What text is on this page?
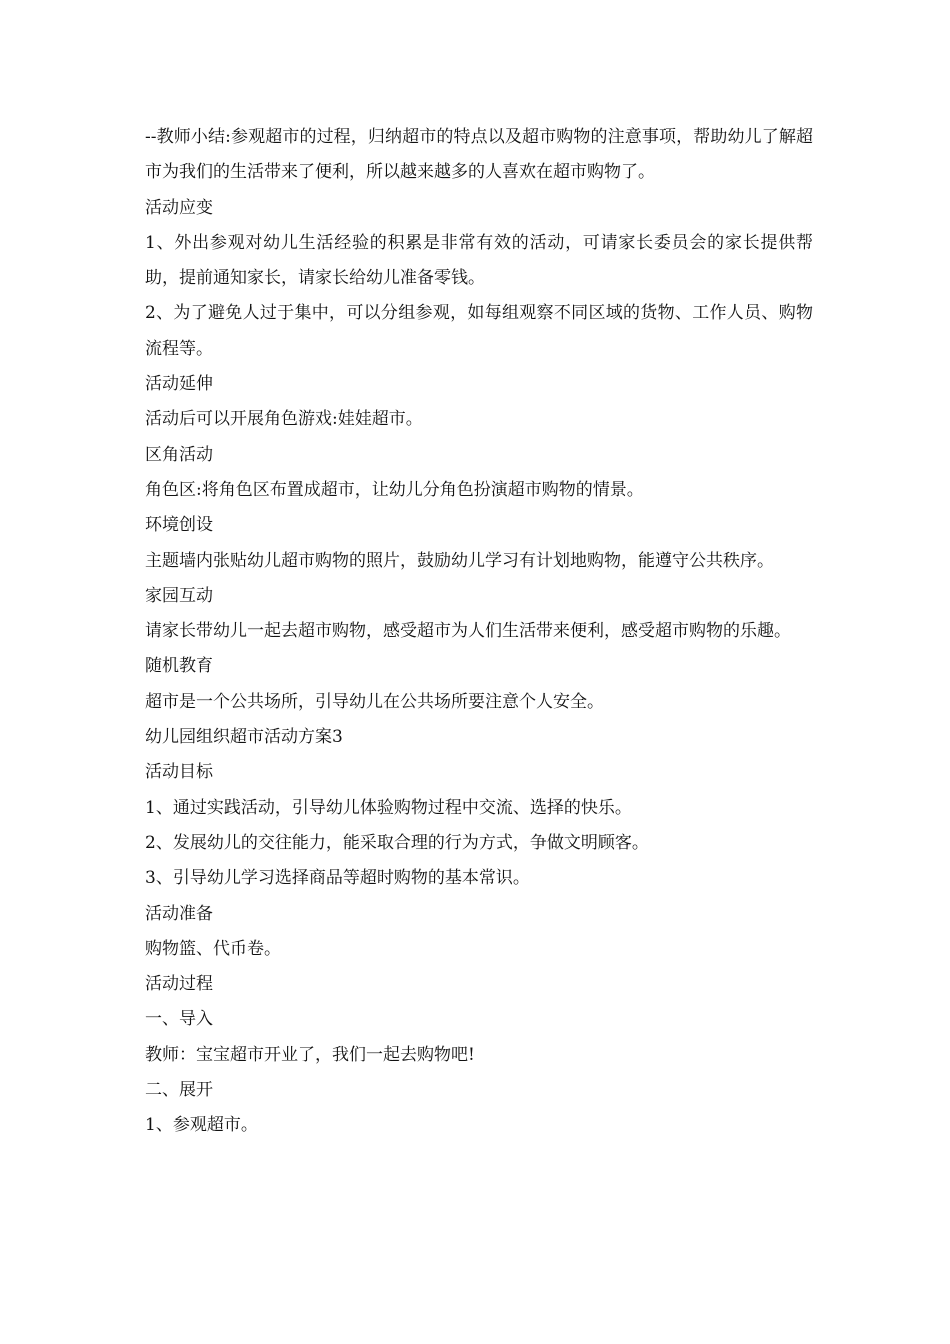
--教师小结:参观超市的过程，归纳超市的特点以及超市购物的注意事项，帮助幼儿了解超市为我们的生活带来了便利，所以越来越多的人喜欢在超市购物了。

活动应变

1、外出参观对幼儿生活经验的积累是非常有效的活动，可请家长委员会的家长提供帮助，提前通知家长，请家长给幼儿准备零钱。

2、为了避免人过于集中，可以分组参观，如每组观察不同区域的货物、工作人员、购物流程等。

活动延伸

活动后可以开展角色游戏:娃娃超市。

区角活动

角色区:将角色区布置成超市，让幼儿分角色扮演超市购物的情景。

环境创设

主题墙内张贴幼儿超市购物的照片，鼓励幼儿学习有计划地购物，能遵守公共秩序。

家园互动

请家长带幼儿一起去超市购物，感受超市为人们生活带来便利，感受超市购物的乐趣。

随机教育

超市是一个公共场所，引导幼儿在公共场所要注意个人安全。

幼儿园组织超市活动方案3

活动目标

1、通过实践活动，引导幼儿体验购物过程中交流、选择的快乐。

2、发展幼儿的交往能力，能采取合理的行为方式，争做文明顾客。

3、引导幼儿学习选择商品等超时购物的基本常识。

活动准备

购物篮、代币卷。

活动过程

一、导入

教师：宝宝超市开业了，我们一起去购物吧!

二、展开

1、参观超市。
